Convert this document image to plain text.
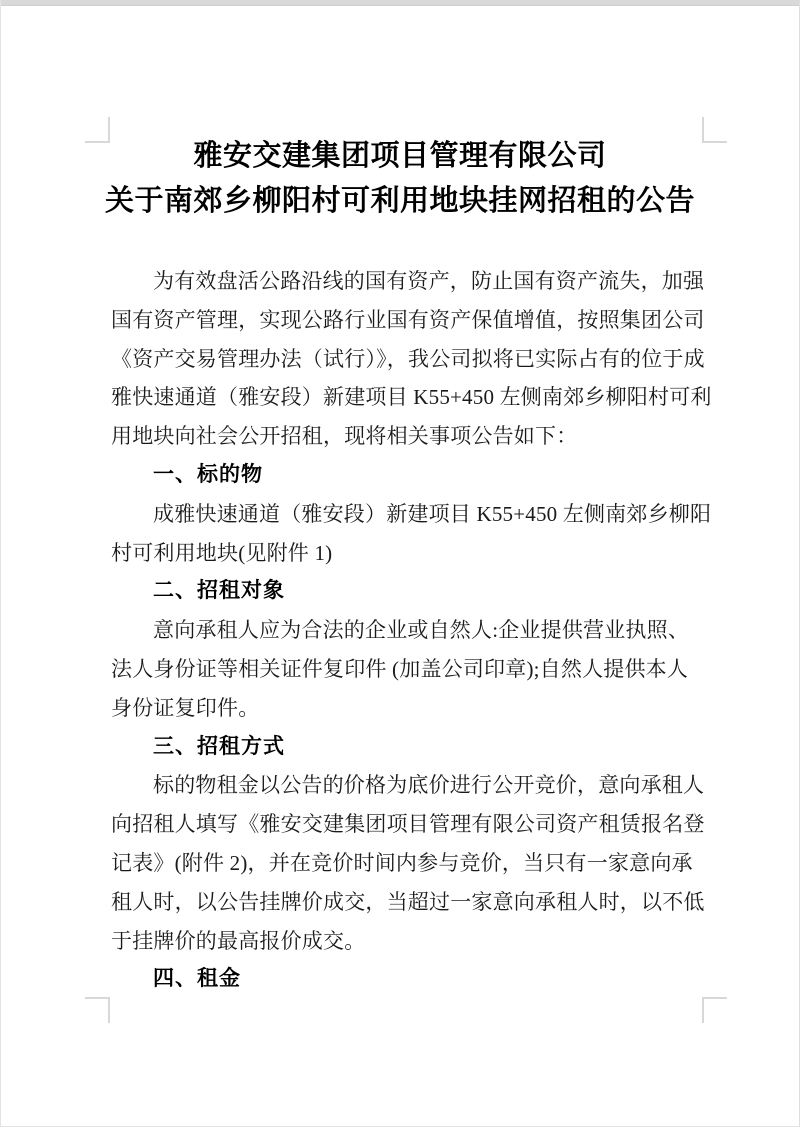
雅安交建集团项目管理有限公司
关于南郊乡柳阳村可利用地块挂网招租的公告
为有效盘活公路沿线的国有资产，防止国有资产流失，加强
国有资产管理，实现公路行业国有资产保值增值，按照集团公司
《资产交易管理办法（试行）》，我公司拟将已实际占有的位于成
雅快速通道（雅安段）新建项目 K55+450 左侧南郊乡柳阳村可利
用地块向社会公开招租，现将相关事项公告如下：
一、标的物
成雅快速通道（雅安段）新建项目 K55+450 左侧南郊乡柳阳
村可利用地块(见附件 1)
二、招租对象
意向承租人应为合法的企业或自然人:企业提供营业执照、
法人身份证等相关证件复印件 (加盖公司印章);自然人提供本人
身份证复印件。
三、招租方式
标的物租金以公告的价格为底价进行公开竞价，意向承租人
向招租人填写《雅安交建集团项目管理有限公司资产租赁报名登
记表》(附件 2)，并在竞价时间内参与竞价，当只有一家意向承
租人时，以公告挂牌价成交，当超过一家意向承租人时，以不低
于挂牌价的最高报价成交。
四、租金
